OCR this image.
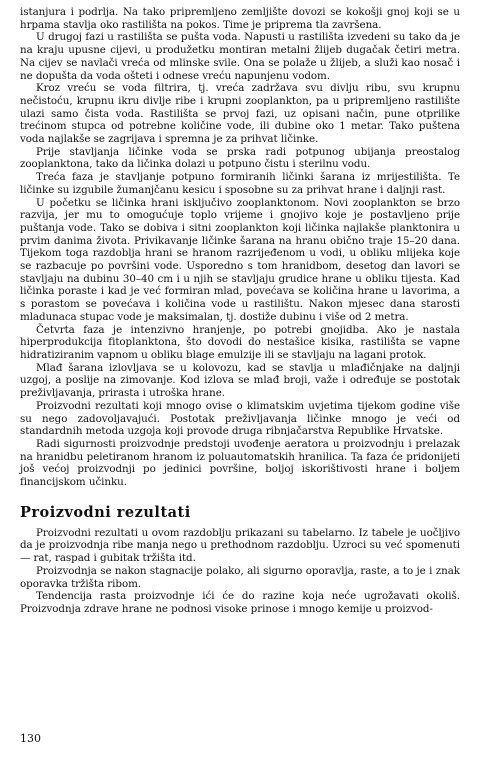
istanjura i podrlja. Na tako pripremljeno zemljište dovozi se kokošji gnoj koji se u hrpama stavlja oko rastilišta na pokos. Time je priprema tla završena.

U drugoj fazi u rastilišta se pušta voda. Napusti u rastilišta izvedeni su tako da je na kraju upusne cijevi, u produžetku montiran metalni žlijeb dugačak četiri metra. Na cijev se navlači vreća od mlinske svile. Ona se polaže u žlijeb, a služi kao nosač i ne dopušta da voda ošteti i odnese vreću napunjenu vodom.

Kroz vreću se voda filtrira, tj. vreća zadržava svu divlju ribu, svu krupnu nečistoću, krupnu ikru divlje ribe i krupni zooplankton, pa u pripremljeno rastilište ulazi samo čista voda. Rastilišta se prvoj fazi, uz opisani način, pune otprilike trećinom stupca od potrebne količine vode, ili dubine oko 1 metar. Tako puštena voda najlakše se zagrijava i spremna je za prihvat ličinke.

Prije stavljanja ličinke voda se prska radi potpunog ubijanja preostalog zooplanktona, tako da ličinka dolazi u potpuno čistu i sterilnu vodu.

Treća faza je stavljanje potpuno formiranih ličinki šarana iz mrijestilišta. Te ličinke su izgubile žumanjčanu kesicu i sposobne su za prihvat hrane i daljnji rast.

U početku se ličinka hrani isključivo zooplanktonom. Novi zooplankton se brzo razvija, jer mu to omogućuje toplo vrijeme i gnojivo koje je postavljeno prije puštanja vode. Tako se dobiva i sitni zooplankton koji ličinka najlakše planktonira u prvim danima života. Privikavanje ličinke šarana na hranu obično traje 15–20 dana. Tijekom toga razdoblja hrani se hranom razrijeđenom u vodi, u obliku mlijeka koje se razbacuje po površini vode. Usporedno s tom hranidbom, desetog dan lavori se stavljaju na dubinu 30–40 cm i u njih se stavljaju grudice hrane u obliku tijesta. Kad ličinka poraste i kad je već formiran mlad, povećava se količina hrane u lavorima, a s porastom se povećava i količina vode u rastilištu. Nakon mjesec dana starosti mladunaca stupac vode je maksimalan, tj. dostiže dubinu i više od 2 metra.

Četvrta faza je intenzivno hranjenje, po potrebi gnojidba. Ako je nastala hiperprodukcija fitoplanktona, što dovodi do nestašice kisika, rastilišta se vapne hidratiziranim vapnom u obliku blage emulzije ili se stavljaju na lagani protok.

Mlađ šarana izlovljava se u kolovozu, kad se stavlja u mlađičnjake na daljnji uzgoj, a poslije na zimovanje. Kod izlova se mlađ broji, važe i određuje se postotak preživljavanja, prirasta i utroška hrane.

Proizvodni rezultati koji mnogo ovise o klimatskim uvjetima tijekom godine više su nego zadovoljavajući. Postotak preživljavanja ličinke mnogo je veći od standardnih metoda uzgoja koji provode druga ribnjačarstva Republike Hrvatske.

Radi sigurnosti proizvodnje predstoji uvođenje aeratora u proizvodnju i prelazak na hranidbu peletiranom hranom iz poluautomatskih hranilica. Ta faza će pridonijeti još većoj proizvodnji po jedinici površine, boljoj iskorištivosti hrane i boljem financijskom učinku.

Proizvodni rezultati

Proizvodni rezultati u ovom razdoblju prikazani su tabelarno. Iz tabele je uočljivo da je proizvodnja ribe manja nego u prethodnom razdoblju. Uzroci su već spomenuti — rat, raspad i gubitak tržišta itd.

Proizvodnja se nakon stagnacije polako, ali sigurno oporavlja, raste, a to je i znak oporavka tržišta ribom.

Tendencija rasta proizvodnje ići će do razine koja neće ugrožavati okoliš. Proizvodnja zdrave hrane ne podnosi visoke prinose i mnogo kemije u proizvod-

130
